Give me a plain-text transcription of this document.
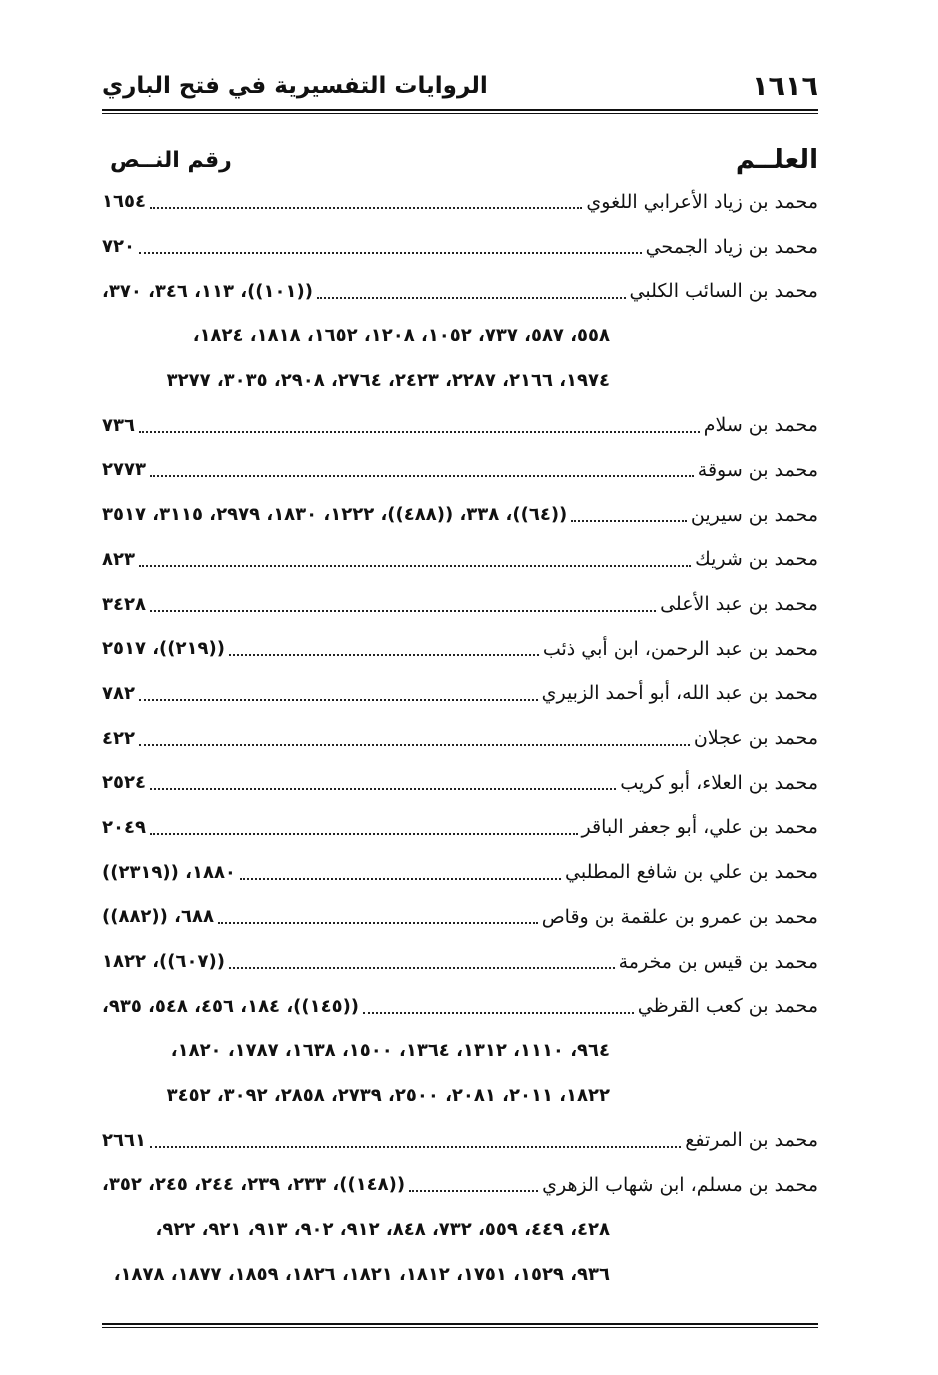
الروايات التفسيرية في فتح الباري	١٦١٦
العلــم
رقم النــص
محمد بن زياد الأعرابي اللغوي
١٦٥٤
محمد بن زياد الجمحي
٧٢٠
محمد بن السائب الكلبي
((١٠١))، ١١٣، ٣٤٦، ٣٧٠،
٥٥٨، ٥٨٧، ٧٣٧، ١٠٥٢، ١٢٠٨، ١٦٥٢، ١٨١٨، ١٨٢٤،
١٩٧٤، ٢١٦٦، ٢٢٨٧، ٢٤٢٣، ٢٧٦٤، ٢٩٠٨، ٣٠٣٥، ٣٢٧٧
محمد بن سلام
٧٣٦
محمد بن سوقة
٢٧٧٣
محمد بن سيرين
((٦٤))، ٣٣٨، ((٤٨٨))، ١٢٢٢، ١٨٣٠، ٢٩٧٩، ٣١١٥، ٣٥١٧
محمد بن شريك
٨٢٣
محمد بن عبد الأعلى
٣٤٢٨
محمد بن عبد الرحمن، ابن أبي ذئب
((٢١٩))، ٢٥١٧
محمد بن عبد الله، أبو أحمد الزبيري
٧٨٢
محمد بن عجلان
٤٢٢
محمد بن العلاء، أبو كريب
٢٥٢٤
محمد بن علي، أبو جعفر الباقر
٢٠٤٩
محمد بن علي بن شافع المطلبي
١٨٨٠، ((٢٣١٩))
محمد بن عمرو بن علقمة بن وقاص
٦٨٨، ((٨٨٢))
محمد بن قيس بن مخرمة
((٦٠٧))، ١٨٢٢
محمد بن كعب القرظي
((١٤٥))، ١٨٤، ٤٥٦، ٥٤٨، ٩٣٥،
٩٦٤، ١١١٠، ١٣١٢، ١٣٦٤، ١٥٠٠، ١٦٣٨، ١٧٨٧، ١٨٢٠،
١٨٢٢، ٢٠١١، ٢٠٨١، ٢٥٠٠، ٢٧٣٩، ٢٨٥٨، ٣٠٩٢، ٣٤٥٢
محمد بن المرتفع
٢٦٦١
محمد بن مسلم، ابن شهاب الزهري
((١٤٨))، ٢٣٣، ٢٣٩، ٢٤٤، ٢٤٥، ٣٥٢،
٤٢٨، ٤٤٩، ٥٥٩، ٧٣٢، ٨٤٨، ٩١٢، ٩٠٢، ٩١٣، ٩٢١، ٩٢٢،
٩٣٦، ١٥٢٩، ١٧٥١، ١٨١٢، ١٨٢١، ١٨٢٦، ١٨٥٩، ١٨٧٧، ١٨٧٨،
